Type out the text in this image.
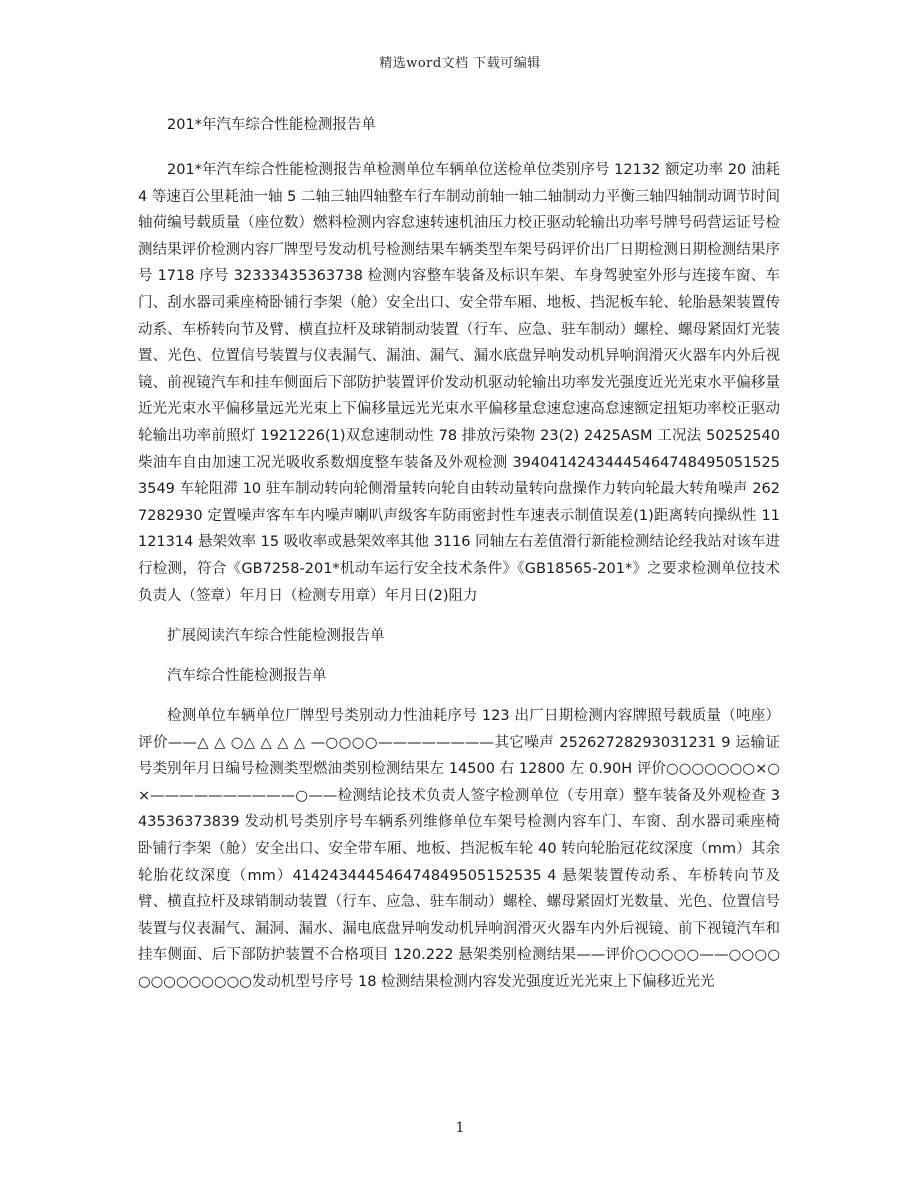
精选word文档 下载可编辑

201*年汽车综合性能检测报告单

201*年汽车综合性能检测报告单检测单位车辆单位送检单位类别序号 12132 额定功率 20 油耗 4 等速百公里耗油一轴 5 二轴三轴四轴整车行车制动前轴一轴二轴制动力平衡三轴四轴制动调节时间轴荷编号载质量（座位数）燃料检测内容怠速转速机油压力校正驱动轮输出功率号牌号码营运证号检测结果评价检测内容厂牌型号发动机号检测结果车辆类型车架号码评价出厂日期检测日期检测结果序号 1718 序号 32333435363738 检测内容整车装备及标识车架、车身驾驶室外形与连接车窗、车门、刮水器司乘座椅卧铺行李架（舱）安全出口、安全带车厢、地板、挡泥板车轮、轮胎悬架装置传动系、车桥转向节及臂、横直拉杆及球销制动装置（行车、应急、驻车制动）螺栓、螺母紧固灯光装置、光色、位置信号装置与仪表漏气、漏油、漏气、漏水底盘异响发动机异响润滑灭火器车内外后视镜、前视镜汽车和挂车侧面后下部防护装置评价发动机驱动轮输出功率发光强度近光光束水平偏移量近光光束水平偏移量远光光束上下偏移量远光光束水平偏移量怠速怠速高怠速额定扭矩功率校正驱动轮输出功率前照灯 1921226(1)双怠速制动性 78 排放污染物 23(2) 2425ASM 工况法 50252540 柴油车自由加速工况光吸收系数烟度整车装备及外观检测 394041424344454647484950515253549 车轮阻滞 10 驻车制动转向轮侧滑量转向轮自由转动量转向盘操作力转向轮最大转角噪声 2627282930 定置噪声客车车内噪声喇叭声级客车防雨密封性车速表示制值误差(1)距离转向操纵性 11121314 悬架效率 15 吸收率或悬架效率其他 3116 同轴左右差值滑行新能检测结论经我站对该车进行检测，符合《GB7258-201*机动车运行安全技术条件》《GB18565-201*》之要求检测单位技术负责人（签章）年月日（检测专用章）年月日(2)阻力

扩展阅读汽车综合性能检测报告单

汽车综合性能检测报告单

检测单位车辆单位厂牌型号类别动力性油耗序号 123 出厂日期检测内容牌照号载质量（吨座）评价——△ △ ○△ △ △ △ —○○○○————————其它噪声 25262728293031231 9 运输证号类别年月日编号检测类型燃油类别检测结果左 14500 右 12800 左 0.90H 评价○○○○○○○×○×——————————○——检测结论技术负责人签字检测单位（专用章）整车装备及外观检查 343536373839 发动机号类别序号车辆系列维修单位车架号检测内容车门、车窗、刮水器司乘座椅卧铺行李架（舱）安全出口、安全带车厢、地板、挡泥板车轮 40 转向轮胎冠花纹深度（mm）其余轮胎花纹深度（mm）414243444546474849505152535 4 悬架装置传动系、车桥转向节及臂、横直拉杆及球销制动装置（行车、应急、驻车制动）螺栓、螺母紧固灯光数量、光色、位置信号装置与仪表漏气、漏洞、漏水、漏电底盘异响发动机异响润滑灭火器车内外后视镜、前下视镜汽车和挂车侧面、后下部防护装置不合格项目 120.222 悬架类别检测结果——评价○○○○○——○○○○○○○○○○○○○发动机型号序号 18 检测结果检测内容发光强度近光光束上下偏移近光光

1
